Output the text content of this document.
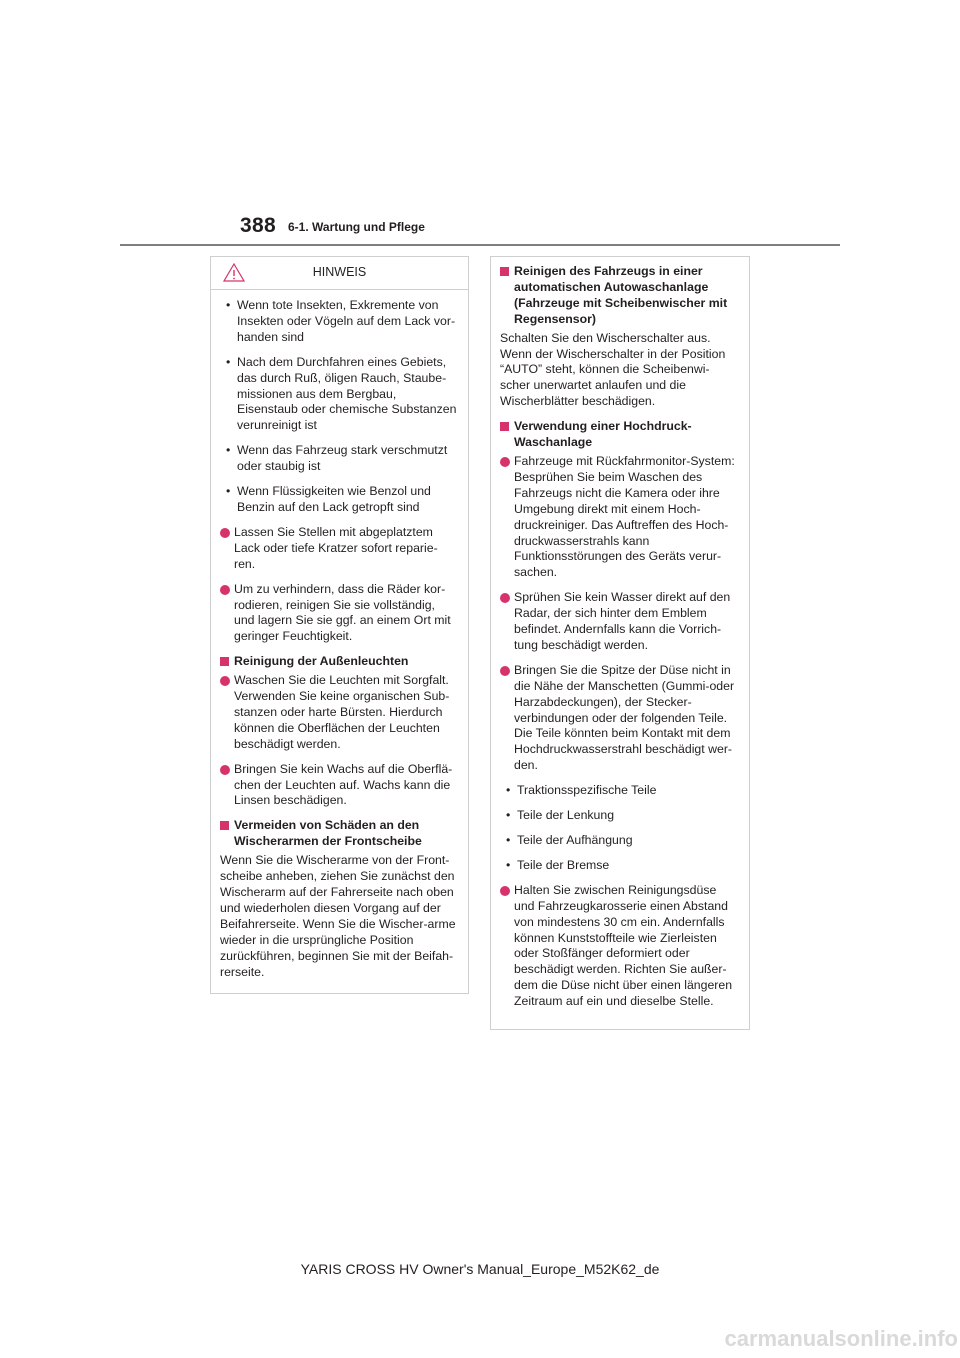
388 6-1. Wartung und Pflege
HINWEIS
• Wenn tote Insekten, Exkremente von Insekten oder Vögeln auf dem Lack vor-handen sind
• Nach dem Durchfahren eines Gebiets, das durch Ruß, öligen Rauch, Staube-missionen aus dem Bergbau, Eisenstaub oder chemische Substanzen verunreinigt ist
• Wenn das Fahrzeug stark verschmutzt oder staubig ist
• Wenn Flüssigkeiten wie Benzol und Benzin auf den Lack getropft sind
Lassen Sie Stellen mit abgeplatztem Lack oder tiefe Kratzer sofort reparie-ren.
Um zu verhindern, dass die Räder kor-rodieren, reinigen Sie sie vollständig, und lagern Sie sie ggf. an einem Ort mit geringer Feuchtigkeit.
Reinigung der Außenleuchten
Waschen Sie die Leuchten mit Sorgfalt. Verwenden Sie keine organischen Sub-stanzen oder harte Bürsten. Hierdurch können die Oberflächen der Leuchten beschädigt werden.
Bringen Sie kein Wachs auf die Oberflä-chen der Leuchten auf. Wachs kann die Linsen beschädigen.
Vermeiden von Schäden an den Wischerarmen der Frontscheibe
Wenn Sie die Wischerarme von der Front-scheibe anheben, ziehen Sie zunächst den Wischerarm auf der Fahrerseite nach oben und wiederholen diesen Vorgang auf der Beifahrerseite. Wenn Sie die Wischer-arme wieder in die ursprüngliche Position zurückführen, beginnen Sie mit der Beifah-rerseite.
Reinigen des Fahrzeugs in einer automatischen Autowaschanlage (Fahrzeuge mit Scheibenwischer mit Regensensor)
Schalten Sie den Wischerschalter aus. Wenn der Wischerschalter in der Position “AUTO” steht, können die Scheibenwi-scher unerwartet anlaufen und die Wischerblätter beschädigen.
Verwendung einer Hochdruck-Waschanlage
Fahrzeuge mit Rückfahrmonitor-System: Besprühen Sie beim Waschen des Fahrzeugs nicht die Kamera oder ihre Umgebung direkt mit einem Hoch-druckreiniger. Das Auftreffen des Hoch-druckwasserstrahls kann Funktionsstörungen des Geräts verur-sachen.
Sprühen Sie kein Wasser direkt auf den Radar, der sich hinter dem Emblem befindet. Andernfalls kann die Vorrich-tung beschädigt werden.
Bringen Sie die Spitze der Düse nicht in die Nähe der Manschetten (Gummi-oder Harzabdeckungen), der Stecker-verbindungen oder der folgenden Teile. Die Teile könnten beim Kontakt mit dem Hochdruckwasserstrahl beschädigt wer-den.
• Traktionsspezifische Teile
• Teile der Lenkung
• Teile der Aufhängung
• Teile der Bremse
Halten Sie zwischen Reinigungsdüse und Fahrzeugkarosserie einen Abstand von mindestens 30 cm ein. Andernfalls können Kunststoffteile wie Zierleisten oder Stoßfänger deformiert oder beschädigt werden. Richten Sie außer-dem die Düse nicht über einen längeren Zeitraum auf ein und dieselbe Stelle.
YARIS CROSS HV Owner's Manual_Europe_M52K62_de
carmanualsonline.info
